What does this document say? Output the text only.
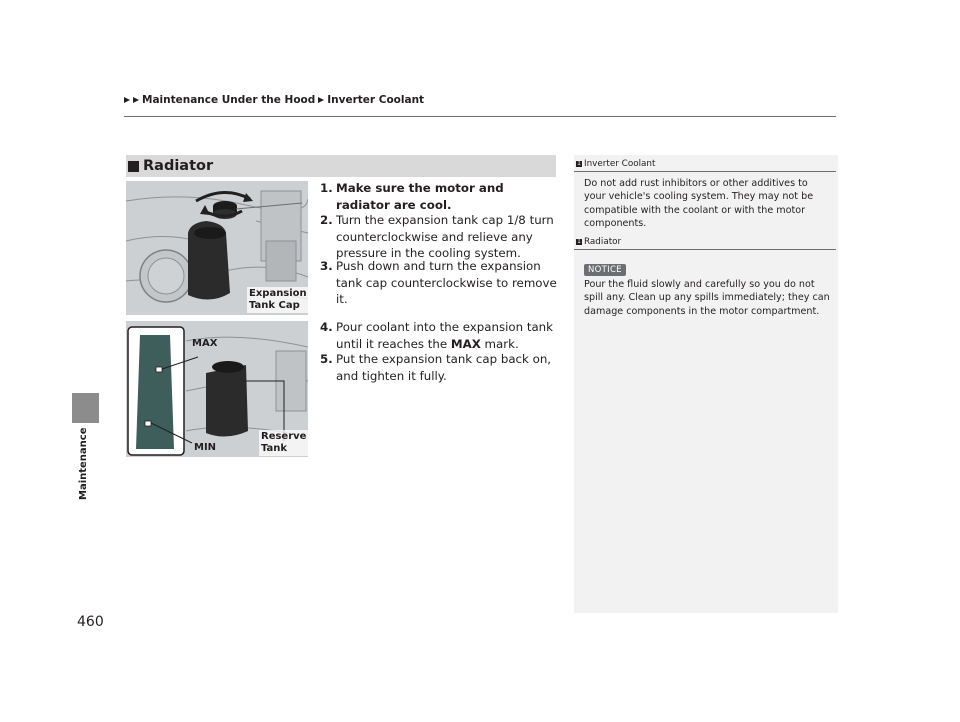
Maintenance Under the Hood Inverter Coolant
Maintenance
460
Radiator
Expansion
Tank Cap
MAX
MIN
Reserve
Tank
1. Make sure the motor and radiator are cool.
2. Turn the expansion tank cap 1/8 turn counterclockwise and relieve any pressure in the cooling system.
3. Push down and turn the expansion tank cap counterclockwise to remove it.
4. Pour coolant into the expansion tank until it reaches the MAX mark.
5. Put the expansion tank cap back on, and tighten it fully.
1 Inverter Coolant
Do not add rust inhibitors or other additives to your vehicle's cooling system. They may not be compatible with the coolant or with the motor components.
1 Radiator
NOTICE
Pour the fluid slowly and carefully so you do not spill any. Clean up any spills immediately; they can damage components in the motor compartment.
